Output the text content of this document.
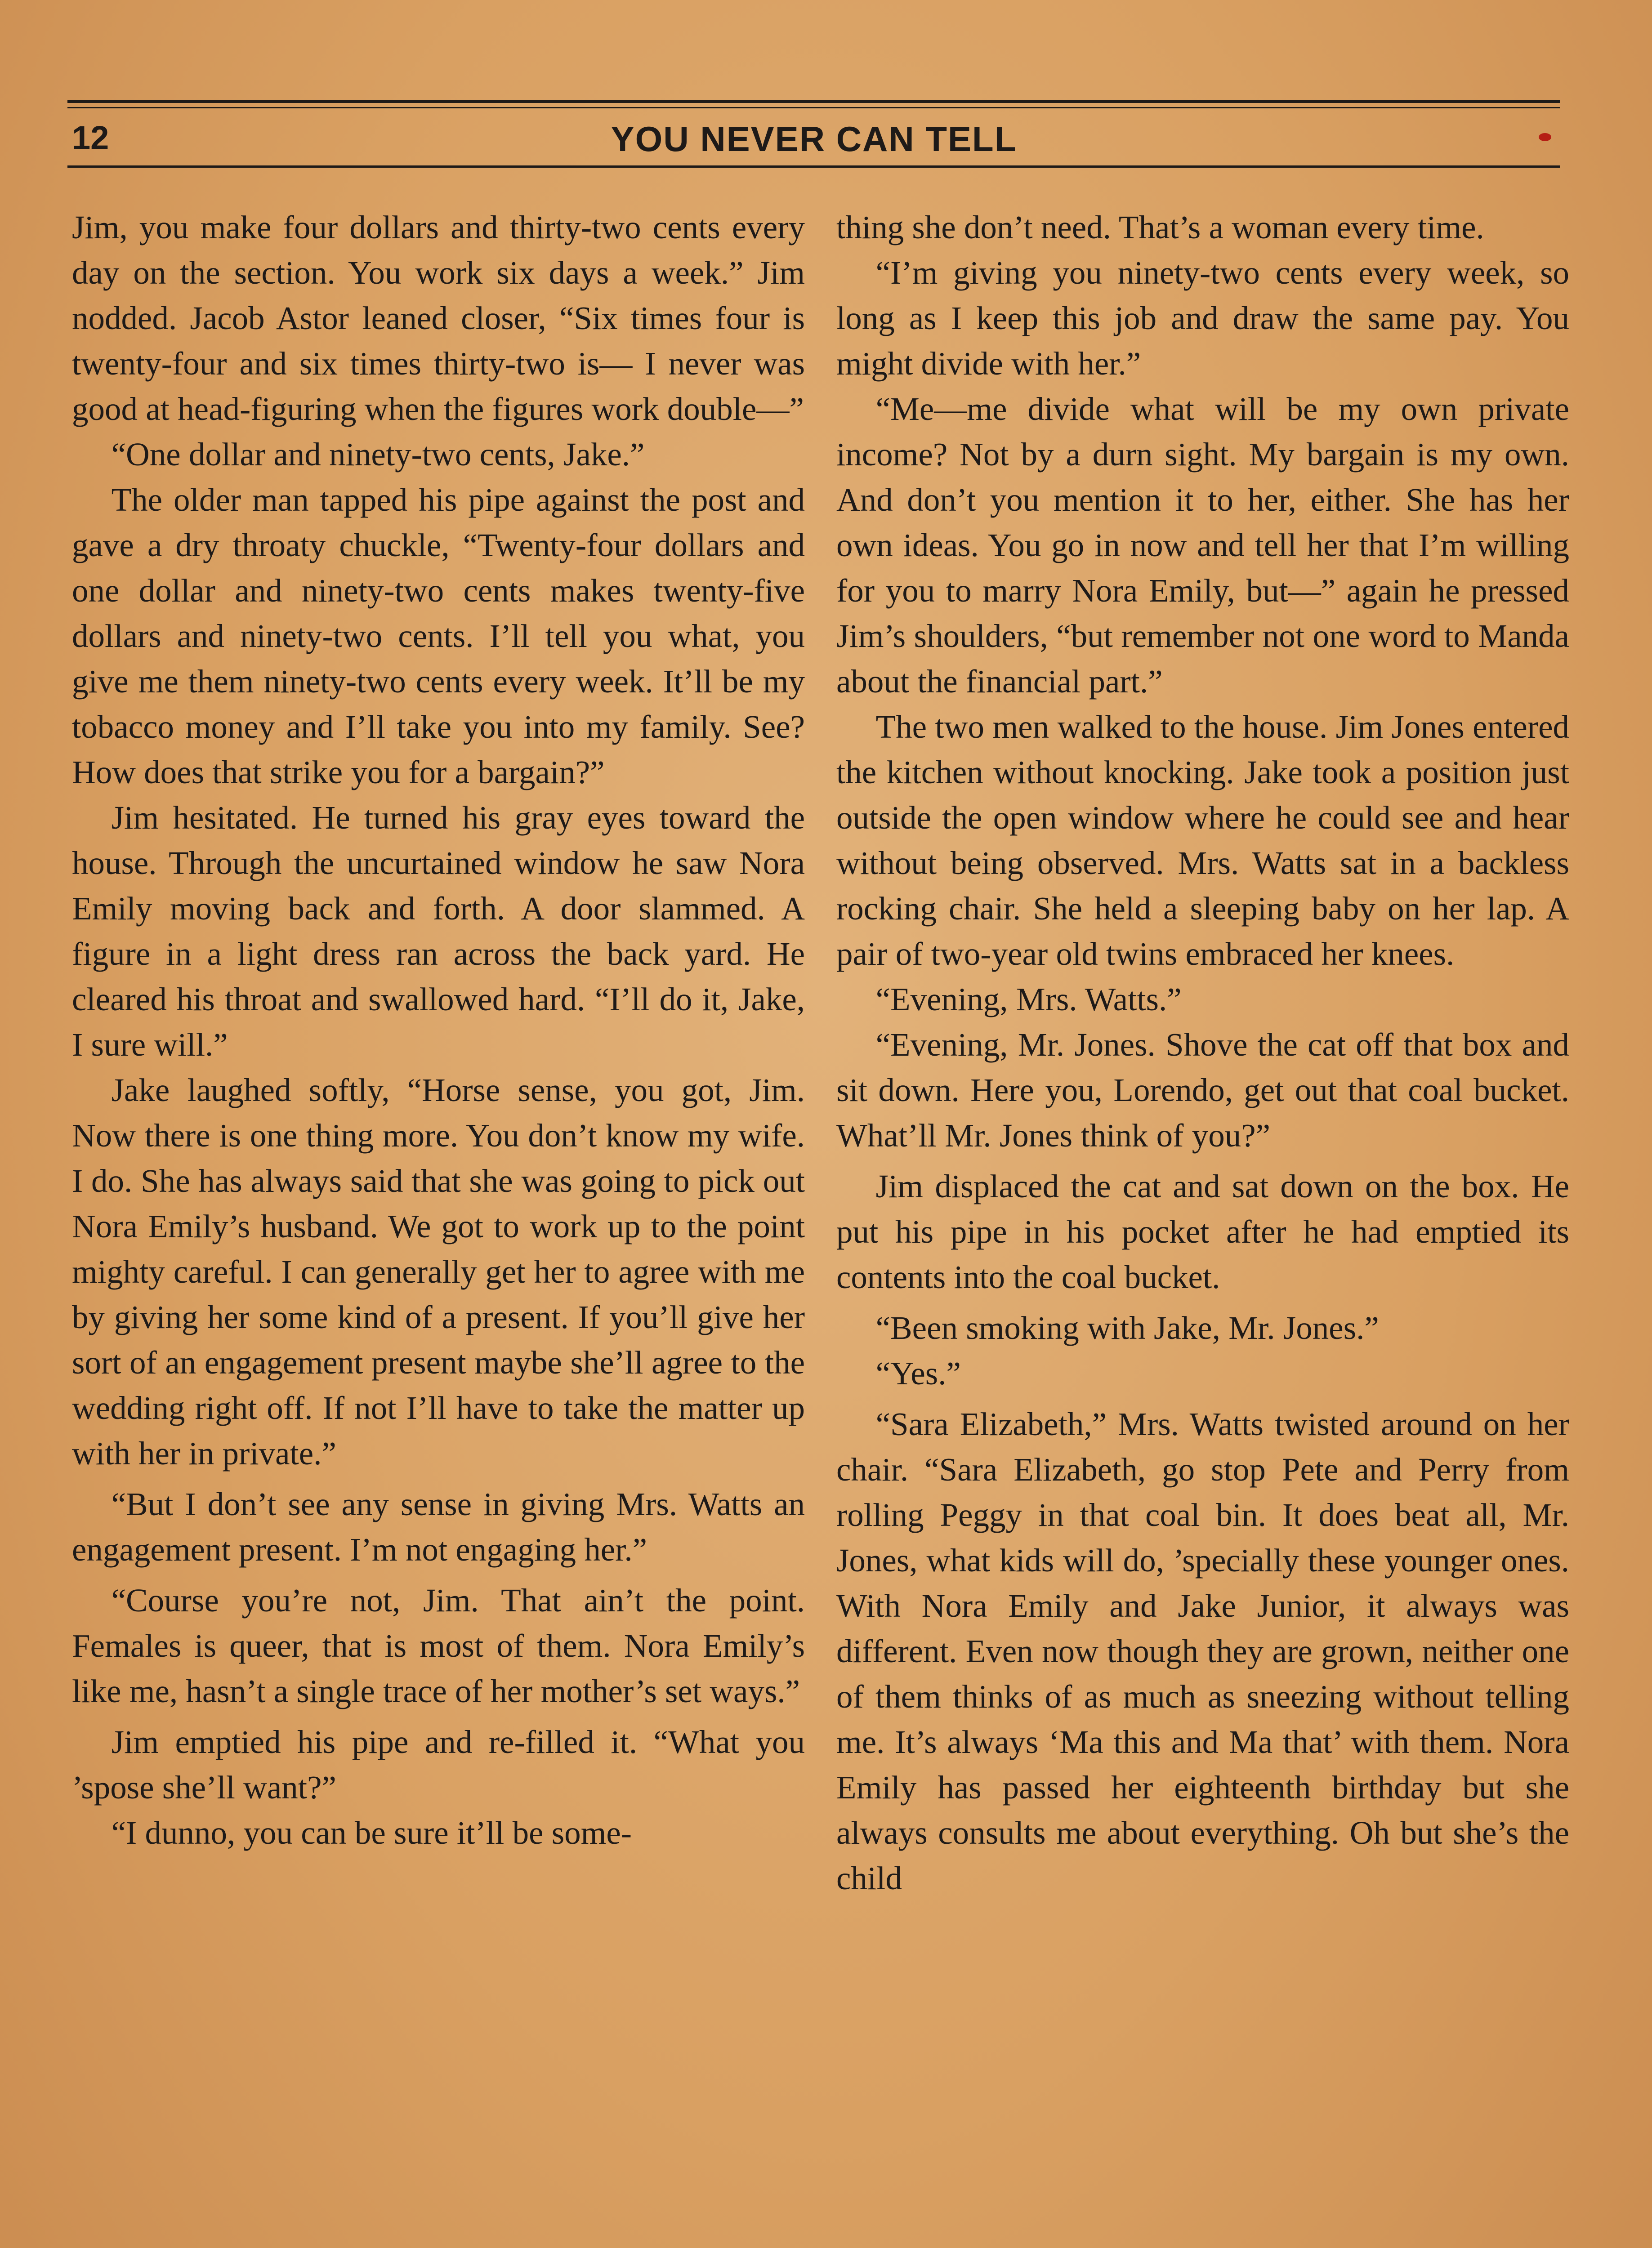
12	YOU NEVER CAN TELL

Jim, you make four dollars and thirty-two cents every day on the section. You work six days a week.” Jim nodded. Jacob Astor leaned closer, “Six times four is twenty-four and six times thirty-two is— I never was good at head-figuring when the figures work double—”

“One dollar and ninety-two cents, Jake.”

The older man tapped his pipe against the post and gave a dry throaty chuckle, “Twenty-four dollars and one dollar and ninety-two cents makes twenty-five dollars and ninety-two cents. I’ll tell you what, you give me them ninety-two cents every week. It’ll be my tobacco money and I’ll take you into my family. See? How does that strike you for a bargain?”

Jim hesitated. He turned his gray eyes toward the house. Through the uncurtained window he saw Nora Emily moving back and forth. A door slammed. A figure in a light dress ran across the back yard. He cleared his throat and swallowed hard. “I’ll do it, Jake, I sure will.”

Jake laughed softly, “Horse sense, you got, Jim. Now there is one thing more. You don’t know my wife. I do. She has always said that she was going to pick out Nora Emily’s husband. We got to work up to the point mighty careful. I can generally get her to agree with me by giving her some kind of a present. If you’ll give her sort of an engagement present maybe she’ll agree to the wedding right off. If not I’ll have to take the matter up with her in private.”

“But I don’t see any sense in giving Mrs. Watts an engagement present. I’m not engaging her.”

“Course you’re not, Jim. That ain’t the point. Females is queer, that is most of them. Nora Emily’s like me, hasn’t a single trace of her mother’s set ways.”

Jim emptied his pipe and re-filled it. “What you ’spose she’ll want?”

“I dunno, you can be sure it’ll be some-

thing she don’t need. That’s a woman every time.

“I’m giving you ninety-two cents every week, so long as I keep this job and draw the same pay. You might divide with her.”

“Me—me divide what will be my own private income? Not by a durn sight. My bargain is my own. And don’t you mention it to her, either. She has her own ideas. You go in now and tell her that I’m willing for you to marry Nora Emily, but—” again he pressed Jim’s shoulders, “but remember not one word to Manda about the financial part.”

The two men walked to the house. Jim Jones entered the kitchen without knocking. Jake took a position just outside the open window where he could see and hear without being observed. Mrs. Watts sat in a backless rocking chair. She held a sleeping baby on her lap. A pair of two-year old twins embraced her knees.

“Evening, Mrs. Watts.”

“Evening, Mr. Jones. Shove the cat off that box and sit down. Here you, Lorendo, get out that coal bucket. What’ll Mr. Jones think of you?”

Jim displaced the cat and sat down on the box. He put his pipe in his pocket after he had emptied its contents into the coal bucket.

“Been smoking with Jake, Mr. Jones.”

“Yes.”

“Sara Elizabeth,” Mrs. Watts twisted around on her chair. “Sara Elizabeth, go stop Pete and Perry from rolling Peggy in that coal bin. It does beat all, Mr. Jones, what kids will do, ’specially these younger ones. With Nora Emily and Jake Junior, it always was different. Even now though they are grown, neither one of them thinks of as much as sneezing without telling me. It’s always ‘Ma this and Ma that’ with them. Nora Emily has passed her eighteenth birthday but she always consults me about everything. Oh but she’s the child
